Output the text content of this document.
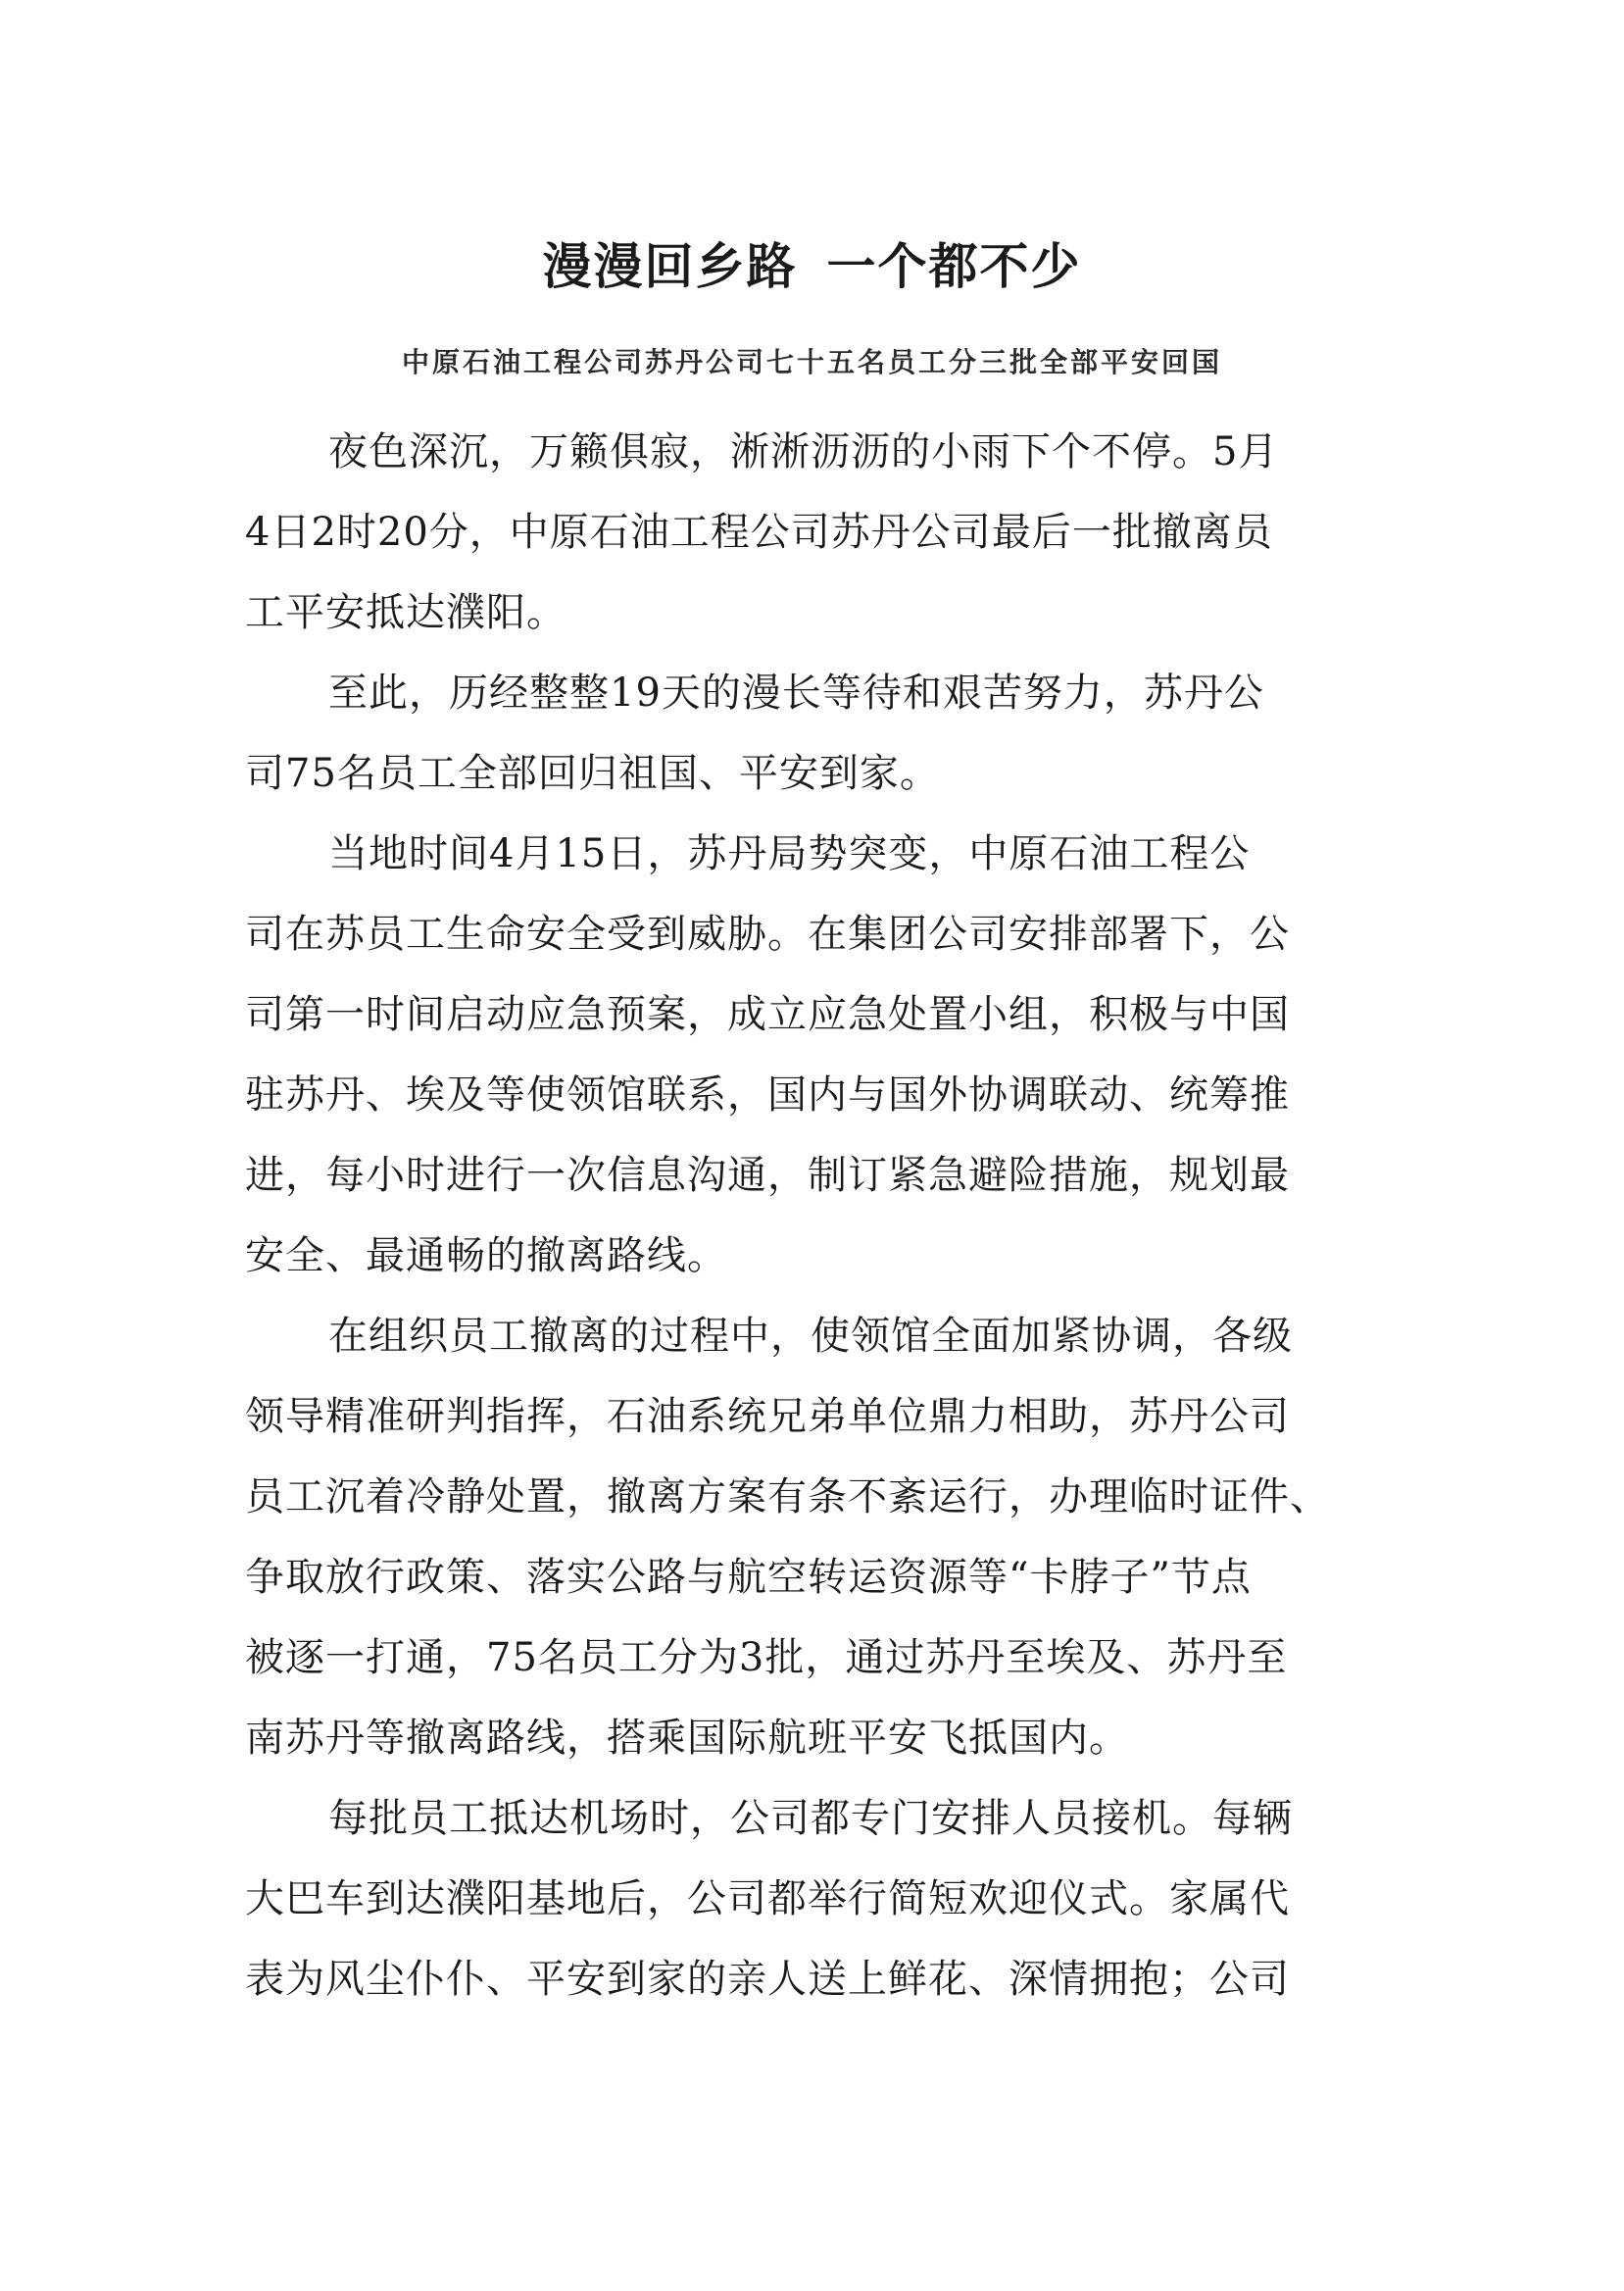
漫漫回乡路 一个都不少

中原石油工程公司苏丹公司七十五名员工分三批全部平安回国

夜色深沉，万籁俱寂，淅淅沥沥的小雨下个不停。5月
4日2时20分，中原石油工程公司苏丹公司最后一批撤离员
工平安抵达濮阳。

至此，历经整整19天的漫长等待和艰苦努力，苏丹公
司75名员工全部回归祖国、平安到家。

当地时间4月15日，苏丹局势突变，中原石油工程公
司在苏员工生命安全受到威胁。在集团公司安排部署下，公
司第一时间启动应急预案，成立应急处置小组，积极与中国
驻苏丹、埃及等使领馆联系，国内与国外协调联动、统筹推
进，每小时进行一次信息沟通，制订紧急避险措施，规划最
安全、最通畅的撤离路线。

在组织员工撤离的过程中，使领馆全面加紧协调，各级
领导精准研判指挥，石油系统兄弟单位鼎力相助，苏丹公司
员工沉着冷静处置，撤离方案有条不紊运行，办理临时证件、
争取放行政策、落实公路与航空转运资源等“卡脖子”节点
被逐一打通，75名员工分为3批，通过苏丹至埃及、苏丹至
南苏丹等撤离路线，搭乘国际航班平安飞抵国内。

每批员工抵达机场时，公司都专门安排人员接机。每辆
大巴车到达濮阳基地后，公司都举行简短欢迎仪式。家属代
表为风尘仆仆、平安到家的亲人送上鲜花、深情拥抱；公司
